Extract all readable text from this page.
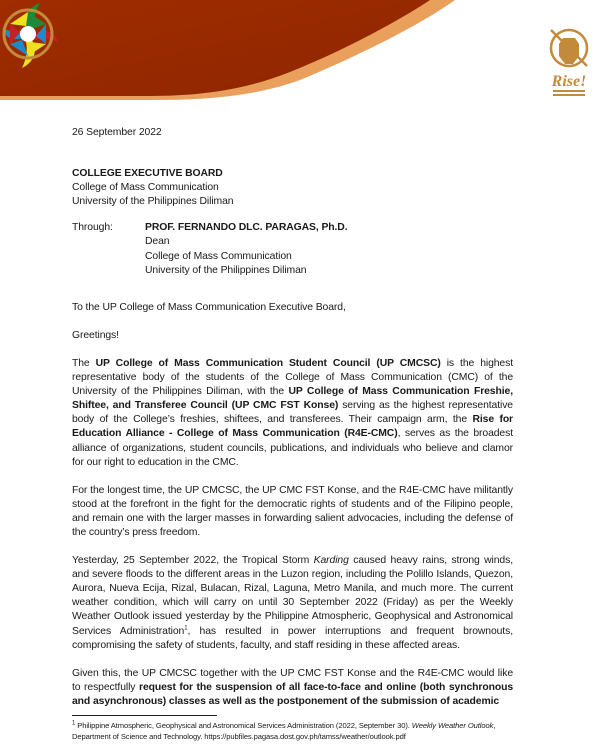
Rise!
26 September 2022
COLLEGE EXECUTIVE BOARD
College of Mass Communication
University of the Philippines Diliman
Through:	PROF. FERNANDO DLC. PARAGAS, Ph.D.
Dean
College of Mass Communication
University of the Philippines Diliman
To the UP College of Mass Communication Executive Board,
Greetings!
The UP College of Mass Communication Student Council (UP CMCSC) is the highest representative body of the students of the College of Mass Communication (CMC) of the University of the Philippines Diliman, with the UP College of Mass Communication Freshie, Shiftee, and Transferee Council (UP CMC FST Konse) serving as the highest representative body of the College’s freshies, shiftees, and transferees. Their campaign arm, the Rise for Education Alliance - College of Mass Communication (R4E-CMC), serves as the broadest alliance of organizations, student councils, publications, and individuals who believe and clamor for our right to education in the CMC.
For the longest time, the UP CMCSC, the UP CMC FST Konse, and the R4E-CMC have militantly stood at the forefront in the fight for the democratic rights of students and of the Filipino people, and remain one with the larger masses in forwarding salient advocacies, including the defense of the country’s press freedom.
Yesterday, 25 September 2022, the Tropical Storm Karding caused heavy rains, strong winds, and severe floods to the different areas in the Luzon region, including the Polillo Islands, Quezon, Aurora, Nueva Ecija, Rizal, Bulacan, Rizal, Laguna, Metro Manila, and much more. The current weather condition, which will carry on until 30 September 2022 (Friday) as per the Weekly Weather Outlook issued yesterday by the Philippine Atmospheric, Geophysical and Astronomical Services Administration$^1$, has resulted in power interruptions and frequent brownouts, compromising the safety of students, faculty, and staff residing in these affected areas.
Given this, the UP CMCSC together with the UP CMC FST Konse and the R4E-CMC would like to respectfully request for the suspension of all face-to-face and online (both synchronous and asynchronous) classes as well as the postponement of the submission of academic
$^1$ Philippine Atmospheric, Geophysical and Astronomical Services Administration (2022, September 30). Weekly Weather Outlook, Department of Science and Technology. https://pubfiles.pagasa.dost.gov.ph/tamss/weather/outlook.pdf
